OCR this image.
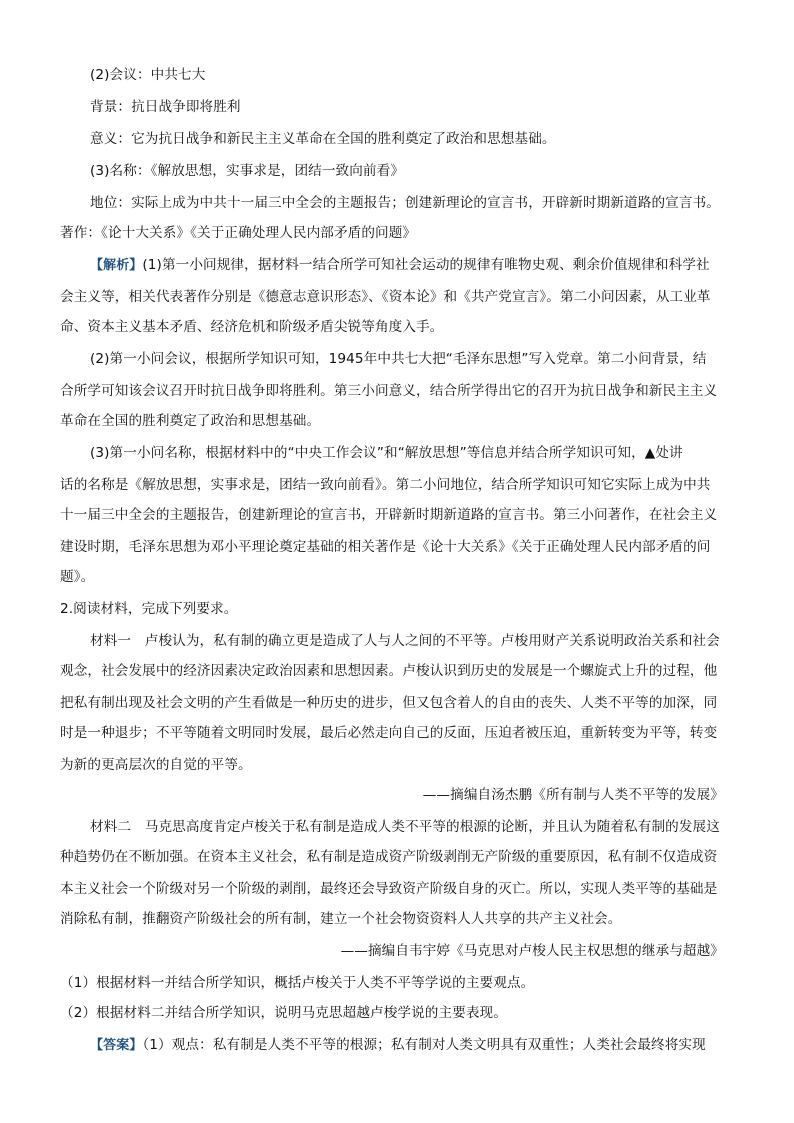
(2)会议：中共七大
背景：抗日战争即将胜利
意义：它为抗日战争和新民主主义革命在全国的胜利奠定了政治和思想基础。
(3)名称：《解放思想，实事求是，团结一致向前看》
地位：实际上成为中共十一届三中全会的主题报告；创建新理论的宣言书，开辟新时期新道路的宣言书。
著作：《论十大关系》《关于正确处理人民内部矛盾的问题》
【解析】(1)第一小问规律，据材料一结合所学可知社会运动的规律有唯物史观、剩余价值规律和科学社
会主义等，相关代表著作分别是《德意志意识形态》、《资本论》和《共产党宣言》。第二小问因素，从工业革
命、资本主义基本矛盾、经济危机和阶级矛盾尖锐等角度入手。
(2)第一小问会议，根据所学知识可知，1945年中共七大把“毛泽东思想”写入党章。第二小问背景，结
合所学可知该会议召开时抗日战争即将胜利。第三小问意义，结合所学得出它的召开为抗日战争和新民主主义
革命在全国的胜利奠定了政治和思想基础。
(3)第一小问名称，根据材料中的“中央工作会议”和“解放思想”等信息并结合所学知识可知，▲处讲
话的名称是《解放思想，实事求是，团结一致向前看》。第二小问地位，结合所学知识可知它实际上成为中共
十一届三中全会的主题报告，创建新理论的宣言书，开辟新时期新道路的宣言书。第三小问著作，在社会主义
建设时期，毛泽东思想为邓小平理论奠定基础的相关著作是《论十大关系》《关于正确处理人民内部矛盾的问
题》。
2.阅读材料，完成下列要求。
材料一　卢梭认为，私有制的确立更是造成了人与人之间的不平等。卢梭用财产关系说明政治关系和社会
观念，社会发展中的经济因素决定政治因素和思想因素。卢梭认识到历史的发展是一个螺旋式上升的过程，他
把私有制出现及社会文明的产生看做是一种历史的进步，但又包含着人的自由的丧失、人类不平等的加深，同
时是一种退步；不平等随着文明同时发展，最后必然走向自己的反面，压迫者被压迫，重新转变为平等，转变
为新的更高层次的自觉的平等。
——摘编自汤杰鹏《所有制与人类不平等的发展》
材料二　马克思高度肯定卢梭关于私有制是造成人类不平等的根源的论断，并且认为随着私有制的发展这
种趋势仍在不断加强。在资本主义社会，私有制是造成资产阶级剥削无产阶级的重要原因，私有制不仅造成资
本主义社会一个阶级对另一个阶级的剥削，最终还会导致资产阶级自身的灭亡。所以，实现人类平等的基础是
消除私有制，推翻资产阶级社会的所有制，建立一个社会物资资料人人共享的共产主义社会。
——摘编自韦宇婷《马克思对卢梭人民主权思想的继承与超越》
（1）根据材料一并结合所学知识，概括卢梭关于人类不平等学说的主要观点。
（2）根据材料二并结合所学知识，说明马克思超越卢梭学说的主要表现。
【答案】（1）观点：私有制是人类不平等的根源；私有制对人类文明具有双重性；人类社会最终将实现
